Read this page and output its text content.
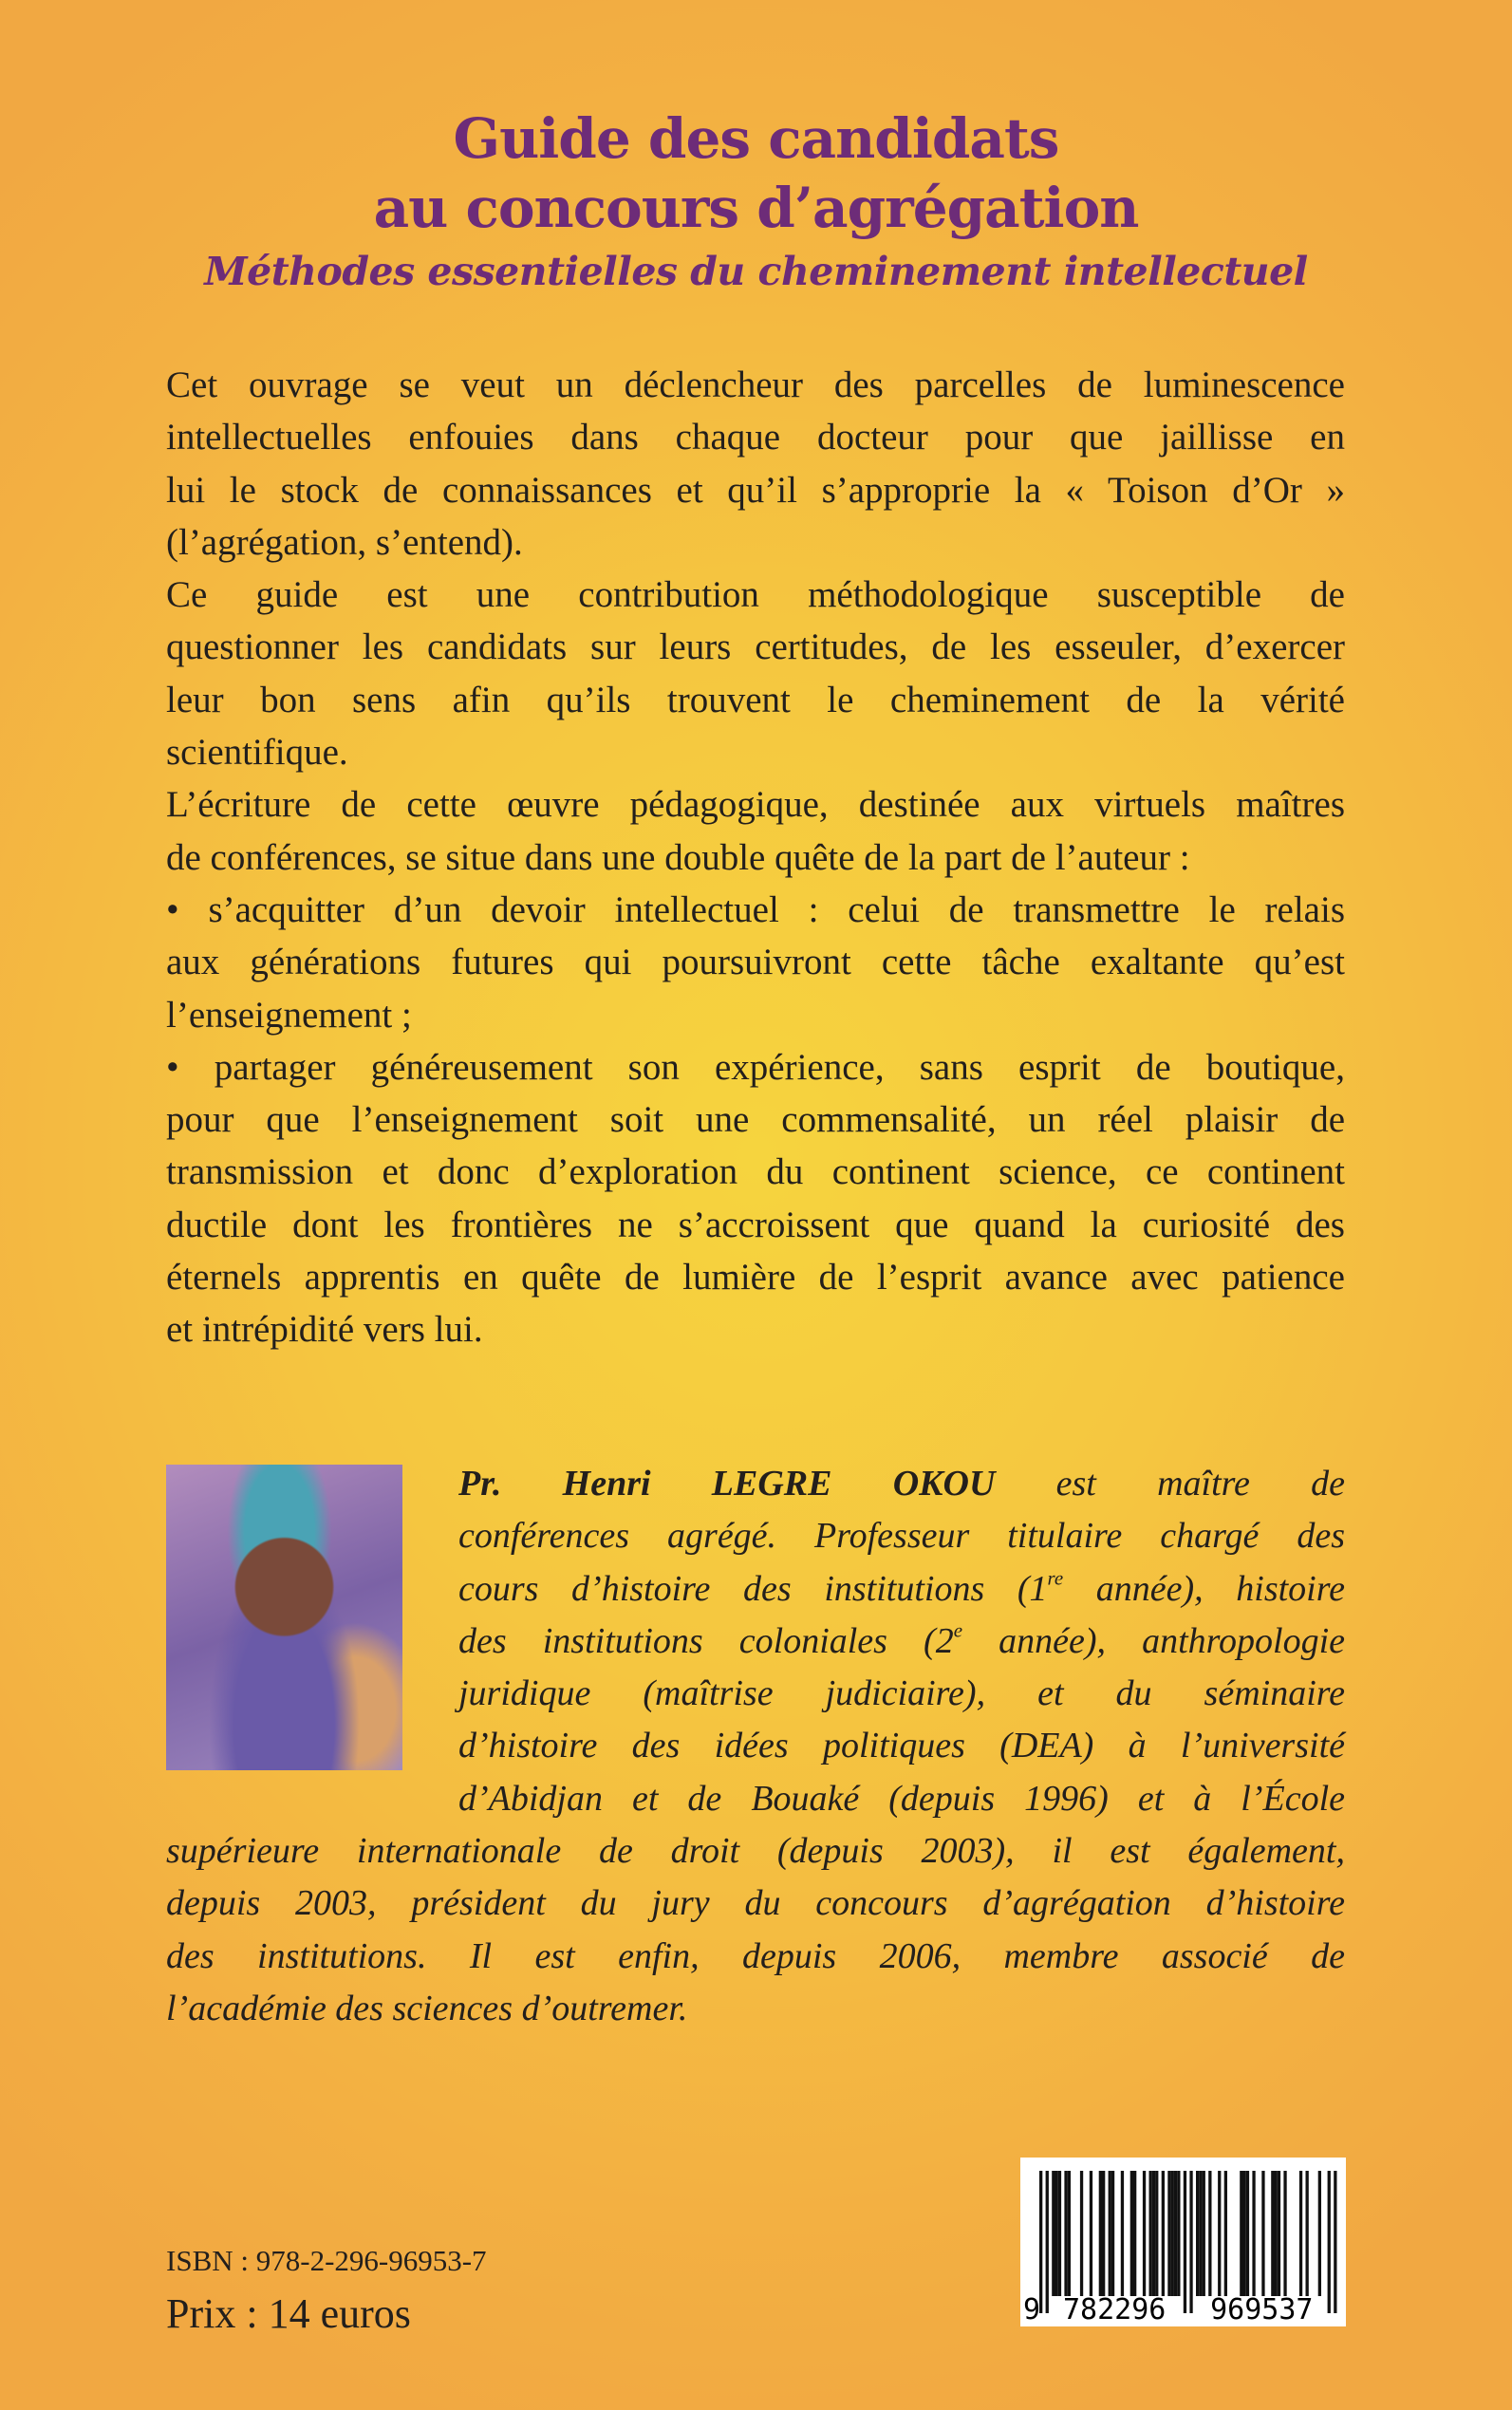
Guide des candidats
au concours d’agrégation
Méthodes essentielles du cheminement intellectuel
Cet ouvrage se veut un déclencheur des parcelles de luminescence
intellectuelles enfouies dans chaque docteur pour que jaillisse en
lui le stock de connaissances et qu’il s’approprie la « Toison d’Or »
(l’agrégation, s’entend).
Ce guide est une contribution méthodologique susceptible de
questionner les candidats sur leurs certitudes, de les esseuler, d’exercer
leur bon sens afin qu’ils trouvent le cheminement de la vérité
scientifique.
L’écriture de cette œuvre pédagogique, destinée aux virtuels maîtres
de conférences, se situe dans une double quête de la part de l’auteur :
• s’acquitter d’un devoir intellectuel : celui de transmettre le relais
aux générations futures qui poursuivront cette tâche exaltante qu’est
l’enseignement ;
• partager généreusement son expérience, sans esprit de boutique,
pour que l’enseignement soit une commensalité, un réel plaisir de
transmission et donc d’exploration du continent science, ce continent
ductile dont les frontières ne s’accroissent que quand la curiosité des
éternels apprentis en quête de lumière de l’esprit avance avec patience
et intrépidité vers lui.
Pr. Henri LEGRE OKOU est maître de
conférences agrégé. Professeur titulaire chargé des
cours d’histoire des institutions (1re année), histoire
des institutions coloniales (2e année), anthropologie
juridique (maîtrise judiciaire), et du séminaire
d’histoire des idées politiques (DEA) à l’université
d’Abidjan et de Bouaké (depuis 1996) et à l’École
supérieure internationale de droit (depuis 2003), il est également,
depuis 2003, président du jury du concours d’agrégation d’histoire
des institutions. Il est enfin, depuis 2006, membre associé de
l’académie des sciences d’outremer.
ISBN : 978-2-296-96953-7
Prix : 14 euros	9 782296 969537
